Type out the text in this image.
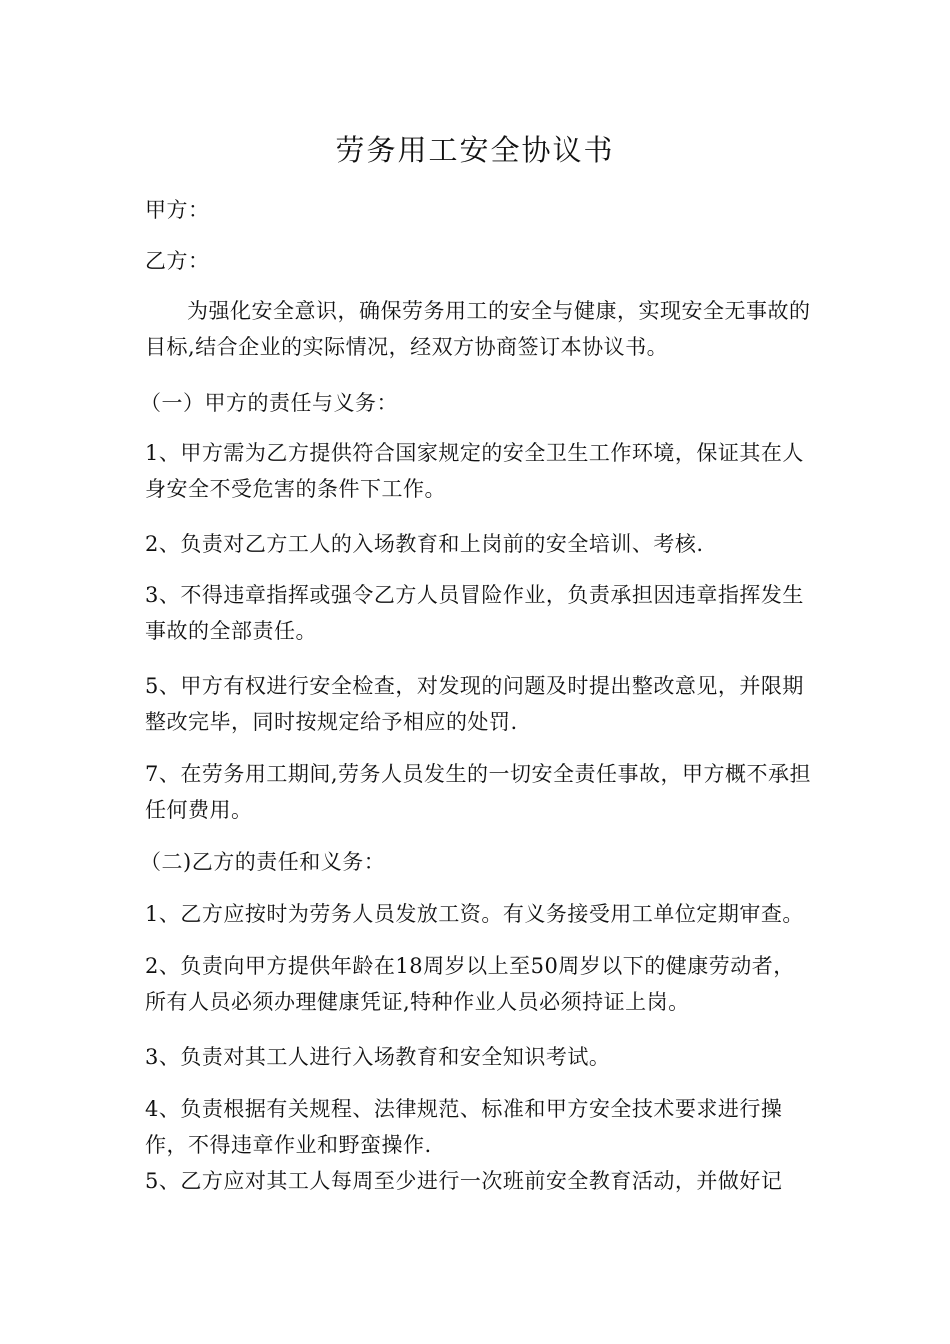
劳务用工安全协议书

甲方：

乙方：

为强化安全意识，确保劳务用工的安全与健康，实现安全无事故的目标,结合企业的实际情况，经双方协商签订本协议书。

（一）甲方的责任与义务：

1、甲方需为乙方提供符合国家规定的安全卫生工作环境，保证其在人身安全不受危害的条件下工作。

2、负责对乙方工人的入场教育和上岗前的安全培训、考核.

3、不得违章指挥或强令乙方人员冒险作业，负责承担因违章指挥发生事故的全部责任。

5、甲方有权进行安全检查，对发现的问题及时提出整改意见，并限期整改完毕，同时按规定给予相应的处罚.

7、在劳务用工期间,劳务人员发生的一切安全责任事故，甲方概不承担任何费用。

（二)乙方的责任和义务：

1、乙方应按时为劳务人员发放工资。有义务接受用工单位定期审查。

2、负责向甲方提供年龄在18周岁以上至50周岁以下的健康劳动者，所有人员必须办理健康凭证,特种作业人员必须持证上岗。

3、负责对其工人进行入场教育和安全知识考试。

4、负责根据有关规程、法律规范、标准和甲方安全技术要求进行操作，不得违章作业和野蛮操作.

5、乙方应对其工人每周至少进行一次班前安全教育活动，并做好记
